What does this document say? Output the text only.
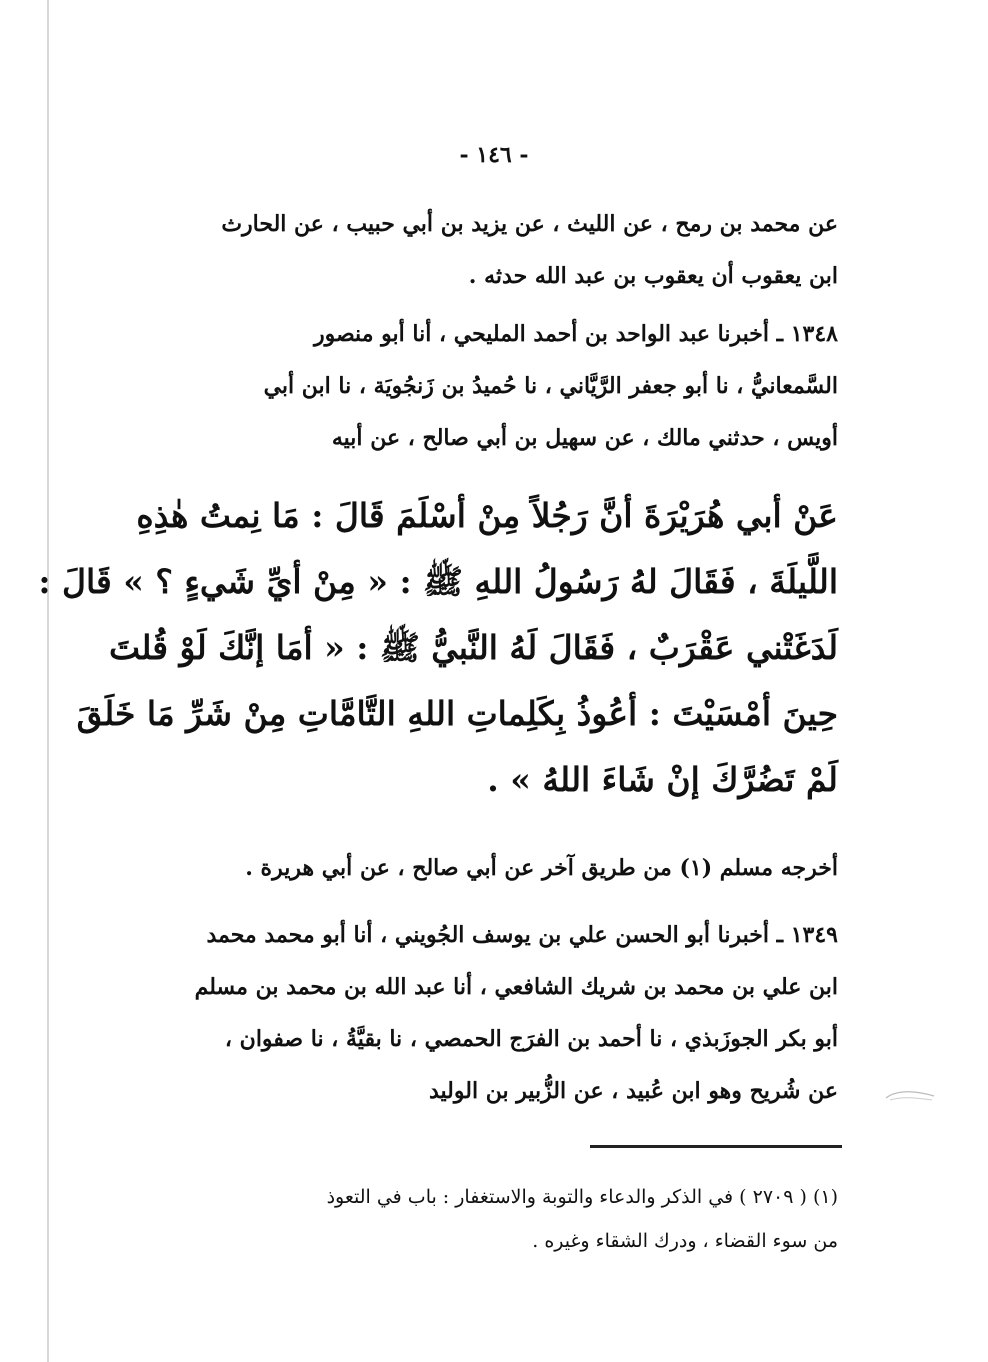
- ١٤٦ -
عن محمد بن رمح ، عن الليث ، عن يزيد بن أبي حبيب ، عن الحارث
ابن يعقوب أن يعقوب بن عبد الله حدثه .
١٣٤٨ ـ أخبرنا عبد الواحد بن أحمد المليحي ، أنا أبو منصور
السَّمعانيُّ ، نا أبو جعفر الرَّيَّاني ، نا حُميدُ بن زَنجُويَة ، نا ابن أبي
أويس ، حدثني مالك ، عن سهيل بن أبي صالح ، عن أبيه
عَنْ أبي هُرَيْرَةَ أنَّ رَجُلاً مِنْ أسْلَمَ قَالَ : مَا نِمتُ هٰذِهِ
اللَّيلَةَ ، فَقَالَ لهُ رَسُولُ اللهِ ﷺ : « مِنْ أيِّ شَيءٍ ؟ » قَالَ :
لَدَغَتْني عَقْرَبٌ ، فَقَالَ لَهُ النَّبيُّ ﷺ : « أمَا إنَّكَ لَوْ قُلتَ
حِينَ أمْسَيْتَ : أعُوذُ بِكَلِماتِ اللهِ التَّامَّاتِ مِنْ شَرِّ مَا خَلَقَ
لَمْ تَضُرَّكَ إنْ شَاءَ اللهُ » .
أخرجه مسلم (١) من طريق آخر عن أبي صالح ، عن أبي هريرة .
١٣٤٩ ـ أخبرنا أبو الحسن علي بن يوسف الجُويني ، أنا أبو محمد محمد
ابن علي بن محمد بن شريك الشافعي ، أنا عبد الله بن محمد بن مسلم
أبو بكر الجوزَبذي ، نا أحمد بن الفرَج الحمصي ، نا بقيَّةُ ، نا صفوان ،
عن شُريح وهو ابن عُبيد ، عن الزُّبير بن الوليد
(١) ( ٢٧٠٩ ) في الذكر والدعاء والتوبة والاستغفار : باب في التعوذ
من سوء القضاء ، ودرك الشقاء وغيره .
